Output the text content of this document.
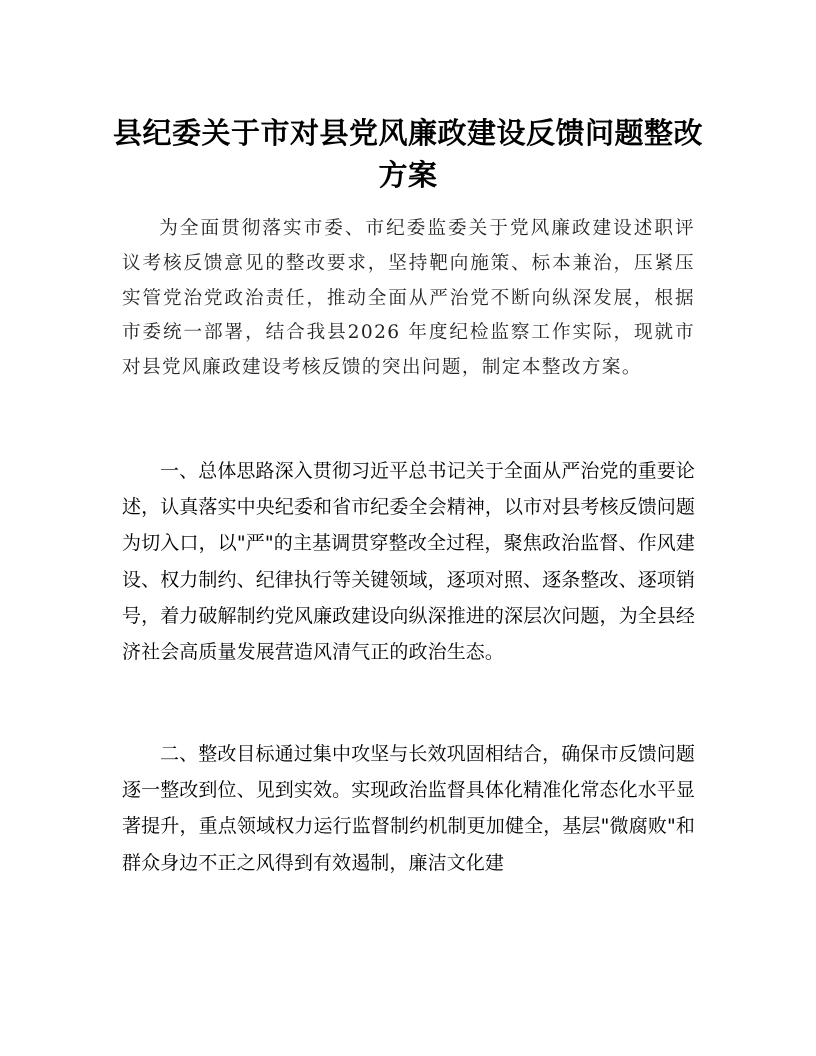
县纪委关于市对县党风廉政建设反馈问题整改方案

为全面贯彻落实市委、市纪委监委关于党风廉政建设述职评议考核反馈意见的整改要求，坚持靶向施策、标本兼治，压紧压实管党治党政治责任，推动全面从严治党不断向纵深发展，根据市委统一部署，结合我县2026 年度纪检监察工作实际，现就市对县党风廉政建设考核反馈的突出问题，制定本整改方案。

一、总体思路深入贯彻习近平总书记关于全面从严治党的重要论述，认真落实中央纪委和省市纪委全会精神，以市对县考核反馈问题为切入口，以"严"的主基调贯穿整改全过程，聚焦政治监督、作风建设、权力制约、纪律执行等关键领域，逐项对照、逐条整改、逐项销号，着力破解制约党风廉政建设向纵深推进的深层次问题，为全县经济社会高质量发展营造风清气正的政治生态。

二、整改目标通过集中攻坚与长效巩固相结合，确保市反馈问题逐一整改到位、见到实效。实现政治监督具体化精准化常态化水平显著提升，重点领域权力运行监督制约机制更加健全，基层"微腐败"和群众身边不正之风得到有效遏制，廉洁文化建
